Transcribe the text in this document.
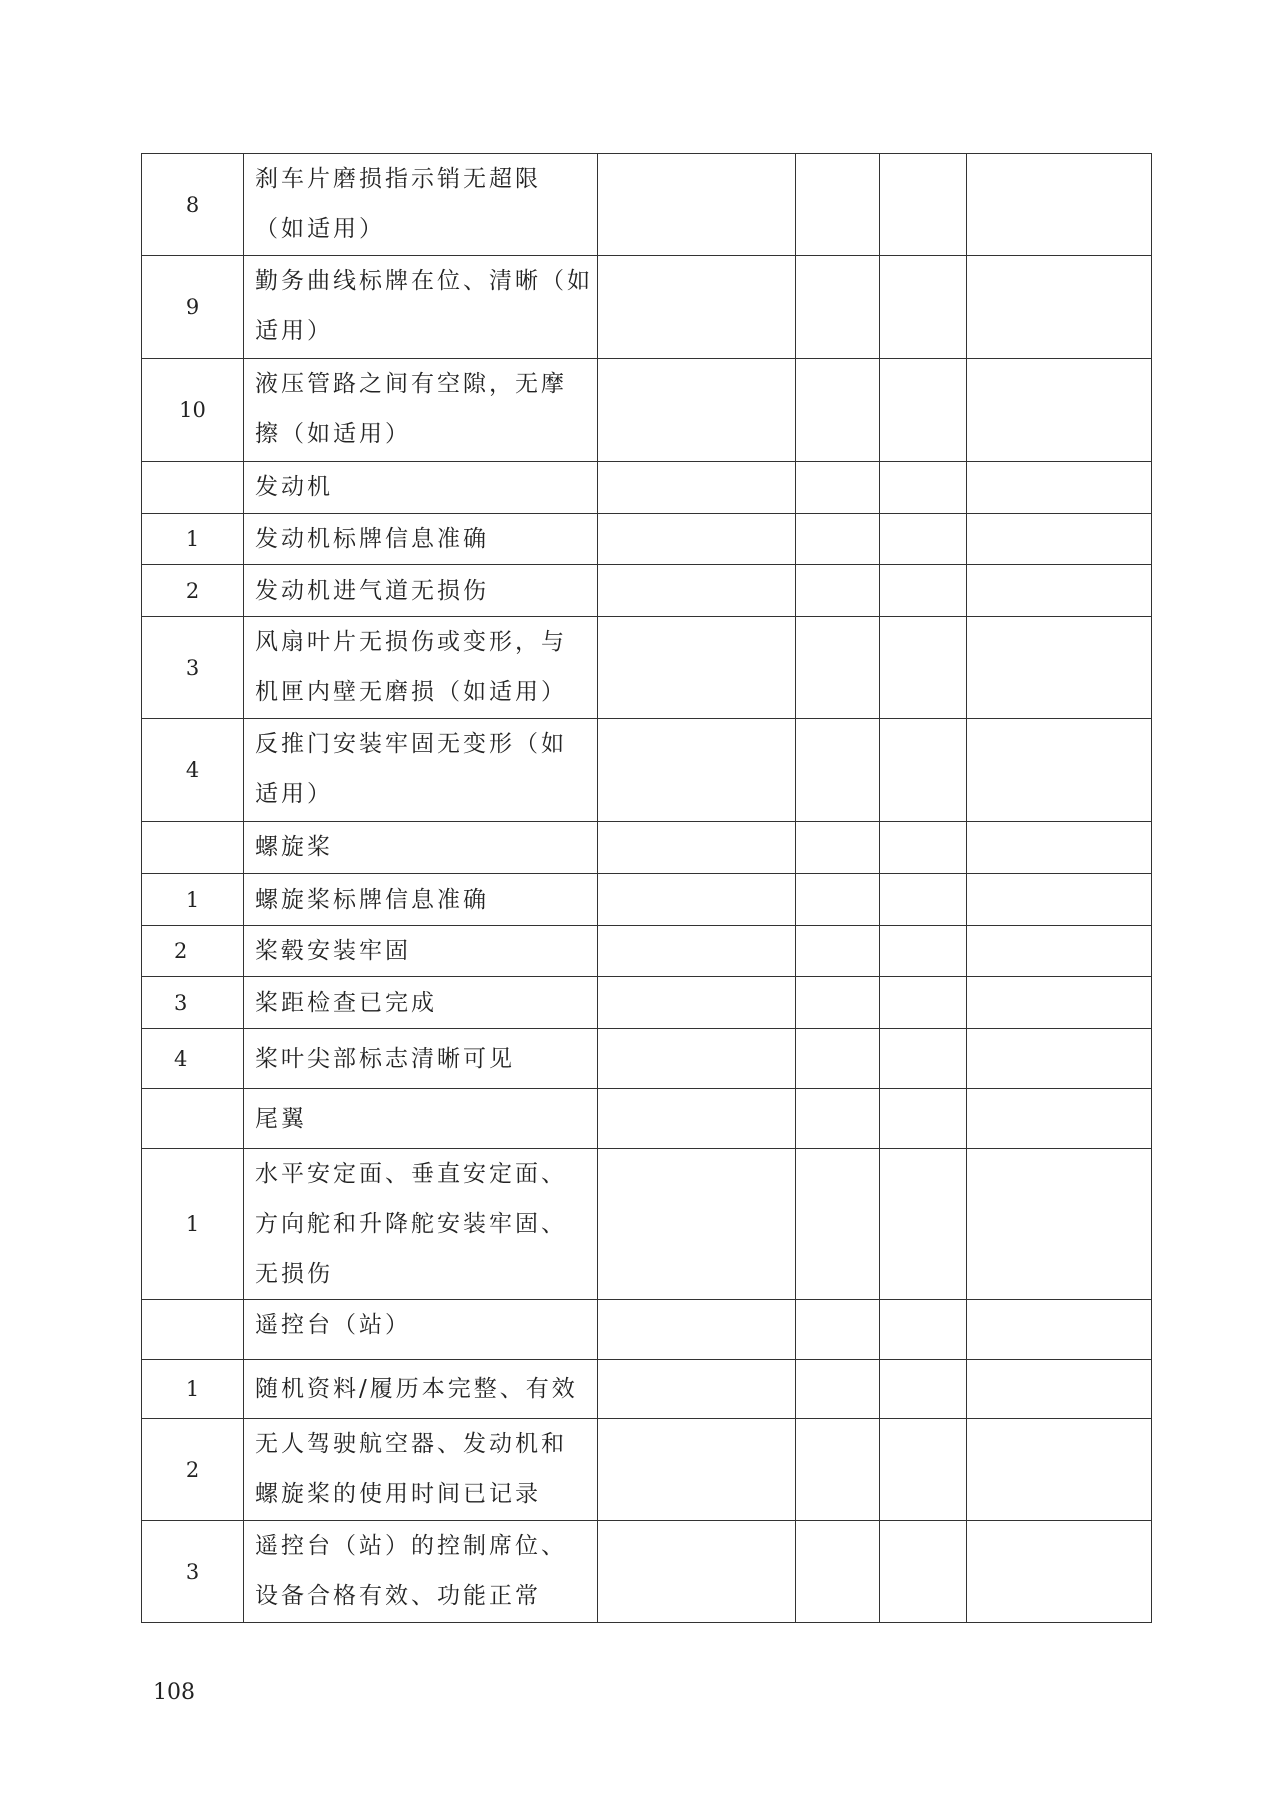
8	刹车片磨损指示销无超限
（如适用）				

9	勤务曲线标牌在位、清晰（如
适用）				

10	液压管路之间有空隙，无摩
擦（如适用）				

	发动机				

1	发动机标牌信息准确				

2	发动机进气道无损伤				

3	风扇叶片无损伤或变形，与
机匣内壁无磨损（如适用）				

4	反推门安装牢固无变形（如
适用）				

	螺旋桨				

1	螺旋桨标牌信息准确				

2	桨毂安装牢固				

3	桨距检查已完成				

4	桨叶尖部标志清晰可见				

	尾翼				

1	水平安定面、垂直安定面、
方向舵和升降舵安装牢固、
无损伤				

	遥控台（站）				

1	随机资料/履历本完整、有效				

2	无人驾驶航空器、发动机和
螺旋桨的使用时间已记录				

3	遥控台（站）的控制席位、
设备合格有效、功能正常				

108
